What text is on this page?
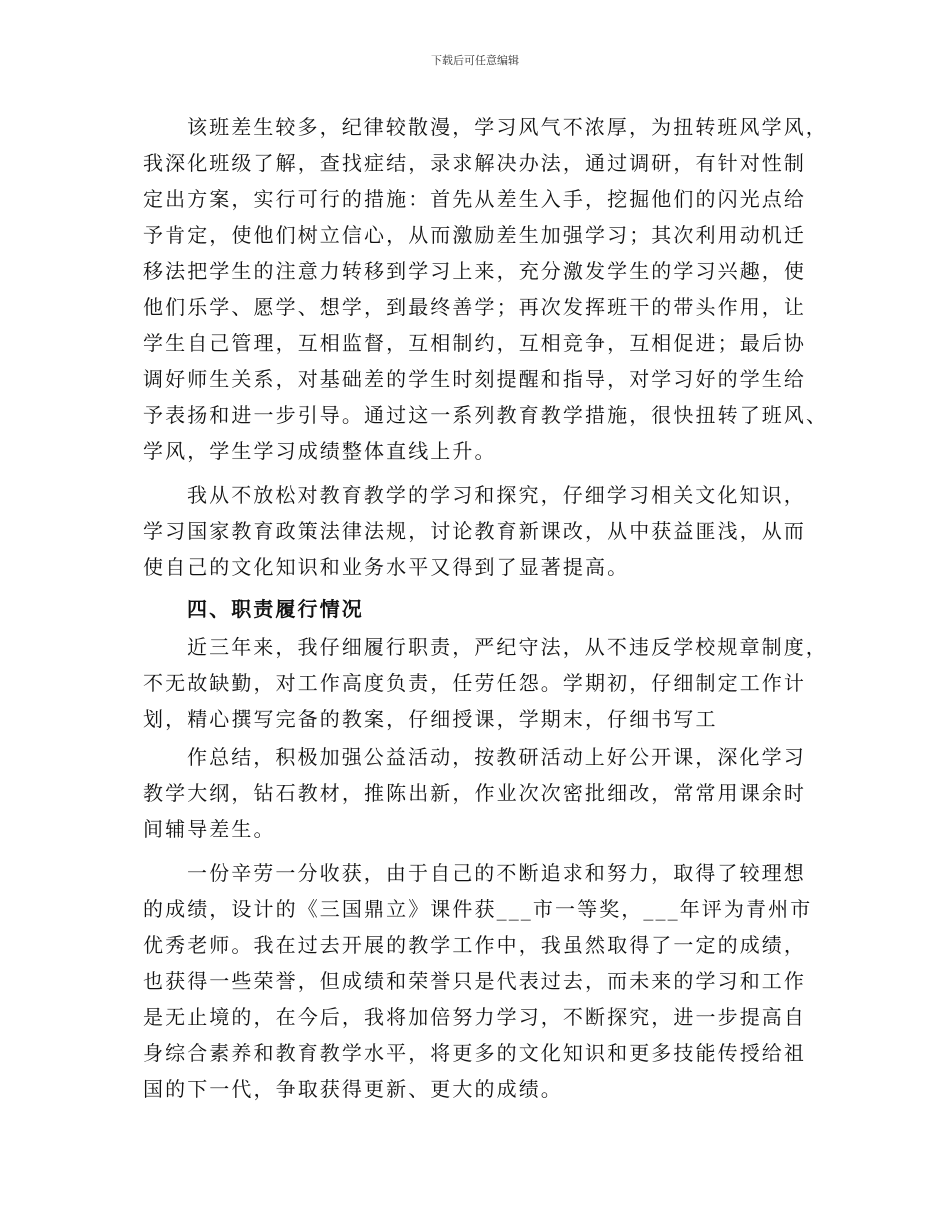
下载后可任意编辑
该班差生较多，纪律较散漫，学习风气不浓厚，为扭转班风学风，
我深化班级了解，查找症结，录求解决办法，通过调研，有针对性制
定出方案，实行可行的措施：首先从差生入手，挖掘他们的闪光点给
予肯定，使他们树立信心，从而激励差生加强学习；其次利用动机迁
移法把学生的注意力转移到学习上来，充分激发学生的学习兴趣，使
他们乐学、愿学、想学，到最终善学；再次发挥班干的带头作用，让
学生自己管理，互相监督，互相制约，互相竞争，互相促进；最后协
调好师生关系，对基础差的学生时刻提醒和指导，对学习好的学生给
予表扬和进一步引导。通过这一系列教育教学措施，很快扭转了班风、
学风，学生学习成绩整体直线上升。
我从不放松对教育教学的学习和探究，仔细学习相关文化知识，
学习国家教育政策法律法规，讨论教育新课改，从中获益匪浅，从而
使自己的文化知识和业务水平又得到了显著提高。
四、职责履行情况
近三年来，我仔细履行职责，严纪守法，从不违反学校规章制度，
不无故缺勤，对工作高度负责，任劳任怨。学期初，仔细制定工作计
划，精心撰写完备的教案，仔细授课，学期末，仔细书写工
作总结，积极加强公益活动，按教研活动上好公开课，深化学习
教学大纲，钻石教材，推陈出新，作业次次密批细改，常常用课余时
间辅导差生。
一份辛劳一分收获，由于自己的不断追求和努力，取得了较理想
的成绩，设计的《三国鼎立》课件获___市一等奖，___年评为青州市
优秀老师。我在过去开展的教学工作中，我虽然取得了一定的成绩，
也获得一些荣誉，但成绩和荣誉只是代表过去，而未来的学习和工作
是无止境的，在今后，我将加倍努力学习，不断探究，进一步提高自
身综合素养和教育教学水平，将更多的文化知识和更多技能传授给祖
国的下一代，争取获得更新、更大的成绩。
